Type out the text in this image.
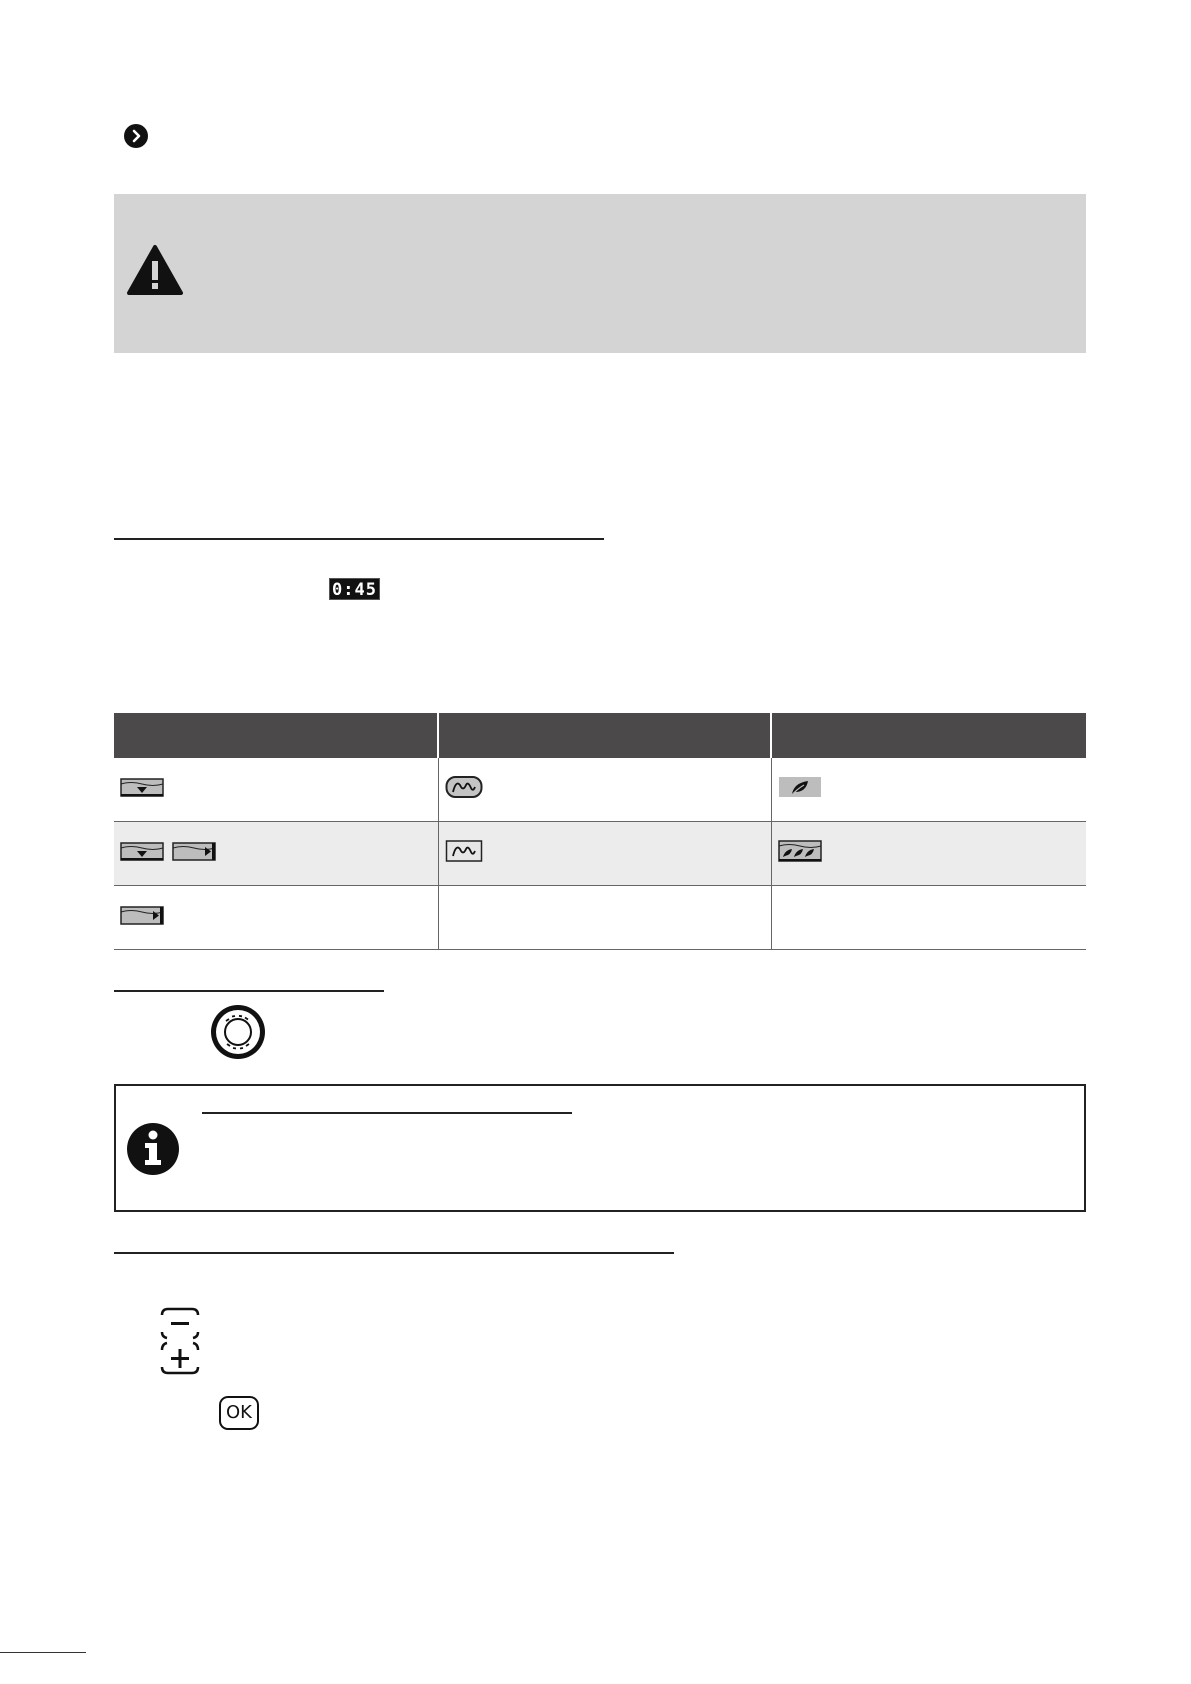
0:45

OK
